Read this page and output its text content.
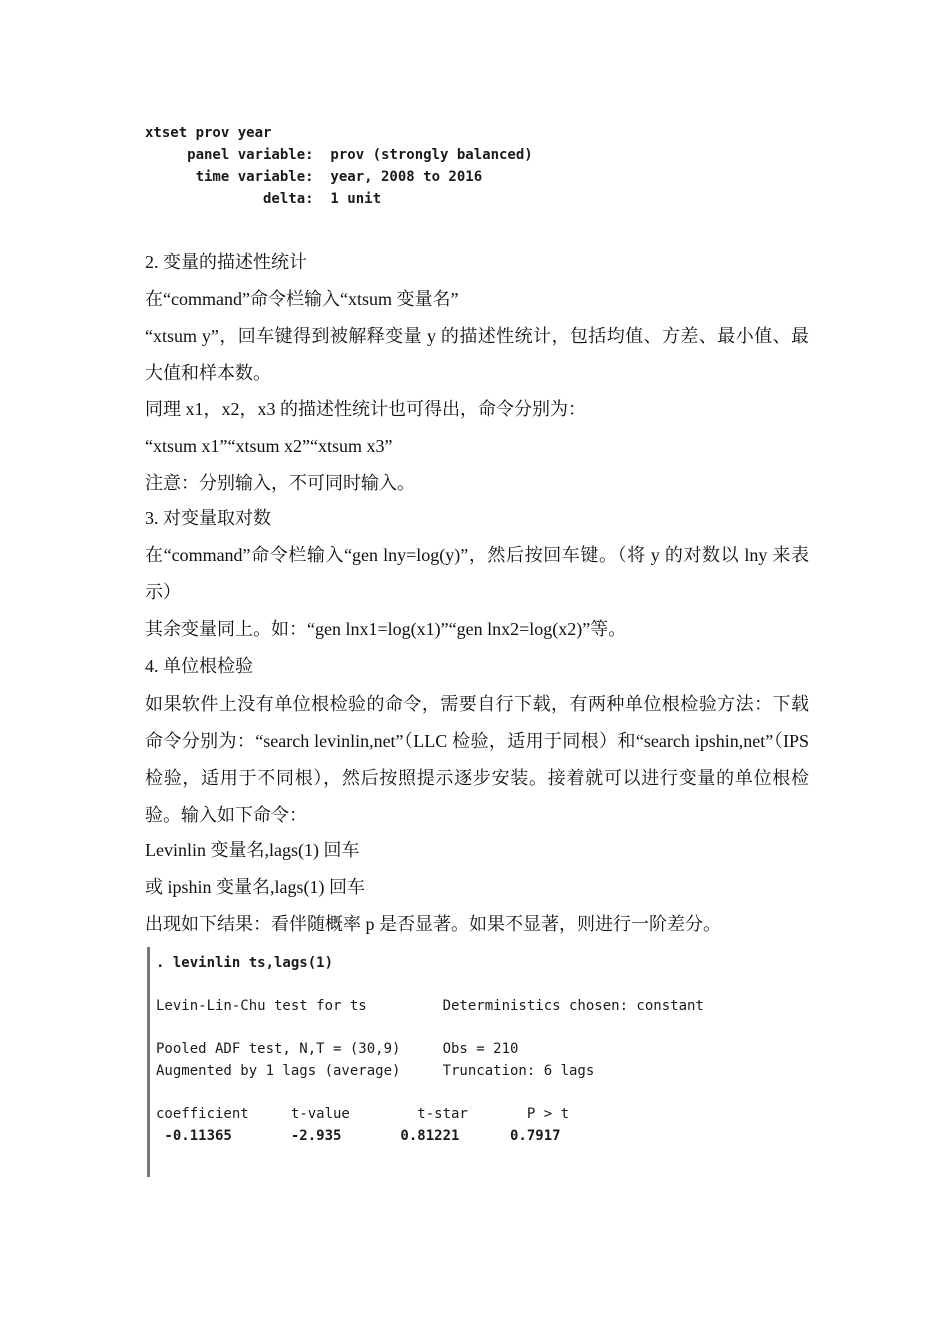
xtset prov year
panel variable:  prov (strongly balanced)
time variable:  year, 2008 to 2016
delta:  1 unit

2. 变量的描述性统计

在“command”命令栏输入“xtsum 变量名”

“xtsum y”，回车键得到被解释变量 y 的描述性统计，包括均值、方差、最小值、最大值和样本数。

同理 x1，x2，x3 的描述性统计也可得出，命令分别为：

“xtsum x1”“xtsum x2”“xtsum x3”

注意：分别输入，不可同时输入。

3. 对变量取对数

在“command”命令栏输入“gen lny=log(y)”，然后按回车键。（将 y 的对数以 lny 来表示）

其余变量同上。如：“gen lnx1=log(x1)”“gen lnx2=log(x2)”等。

4. 单位根检验

如果软件上没有单位根检验的命令，需要自行下载，有两种单位根检验方法：下载命令分别为：“search levinlin,net”（LLC 检验，适用于同根）和“search ipshin,net”（IPS 检验，适用于不同根），然后按照提示逐步安装。接着就可以进行变量的单位根检验。输入如下命令：

Levinlin 变量名,lags(1) 回车

或 ipshin 变量名,lags(1) 回车

出现如下结果：看伴随概率 p 是否显著。如果不显著，则进行一阶差分。

. levinlin ts,lags(1)
Levin-Lin-Chu test for ts         Deterministics chosen: constant
Pooled ADF test, N,T = (30,9)     Obs = 210
Augmented by 1 lags (average)     Truncation: 6 lags
coefficient     t-value        t-star       P > t
-0.11365       -2.935       0.81221      0.7917
